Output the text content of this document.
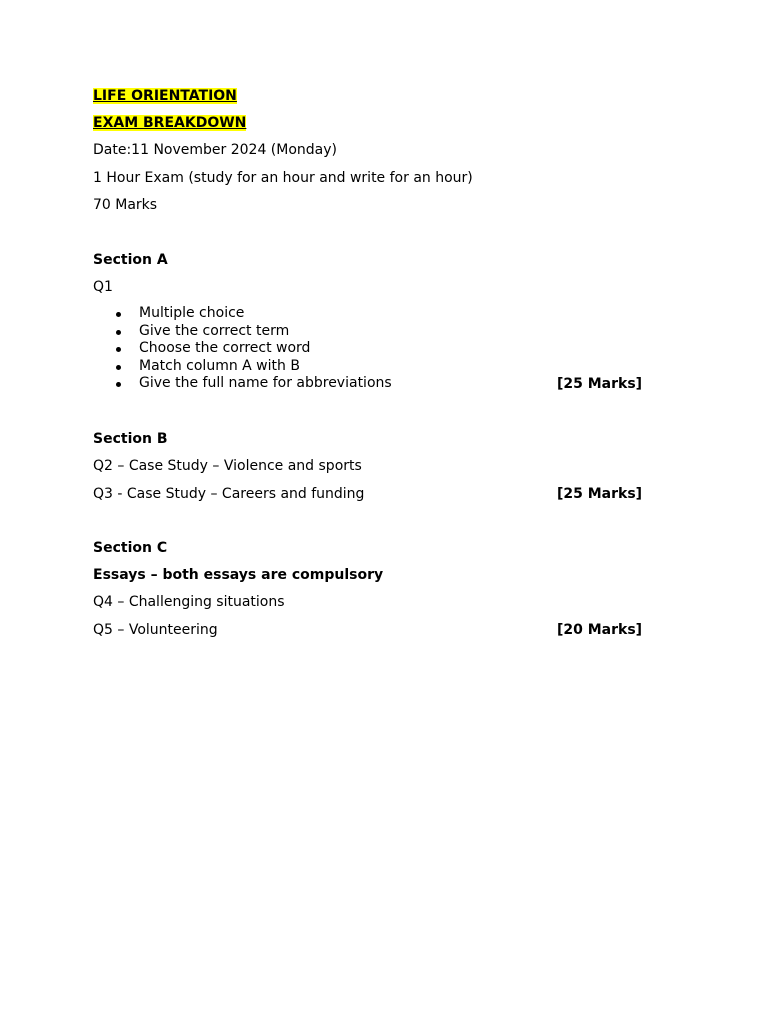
LIFE ORIENTATION
EXAM BREAKDOWN
Date:11 November 2024 (Monday)
1 Hour Exam (study for an hour and write for an hour)
70 Marks
Section A
Q1
Multiple choice
Give the correct term
Choose the correct word
Match column A with B
Give the full name for abbreviations	[25 Marks]
Section B
Q2 – Case Study – Violence and sports
Q3 - Case Study – Careers and funding	[25 Marks]
Section C
Essays – both essays are compulsory
Q4 – Challenging situations
Q5 – Volunteering	[20 Marks]
